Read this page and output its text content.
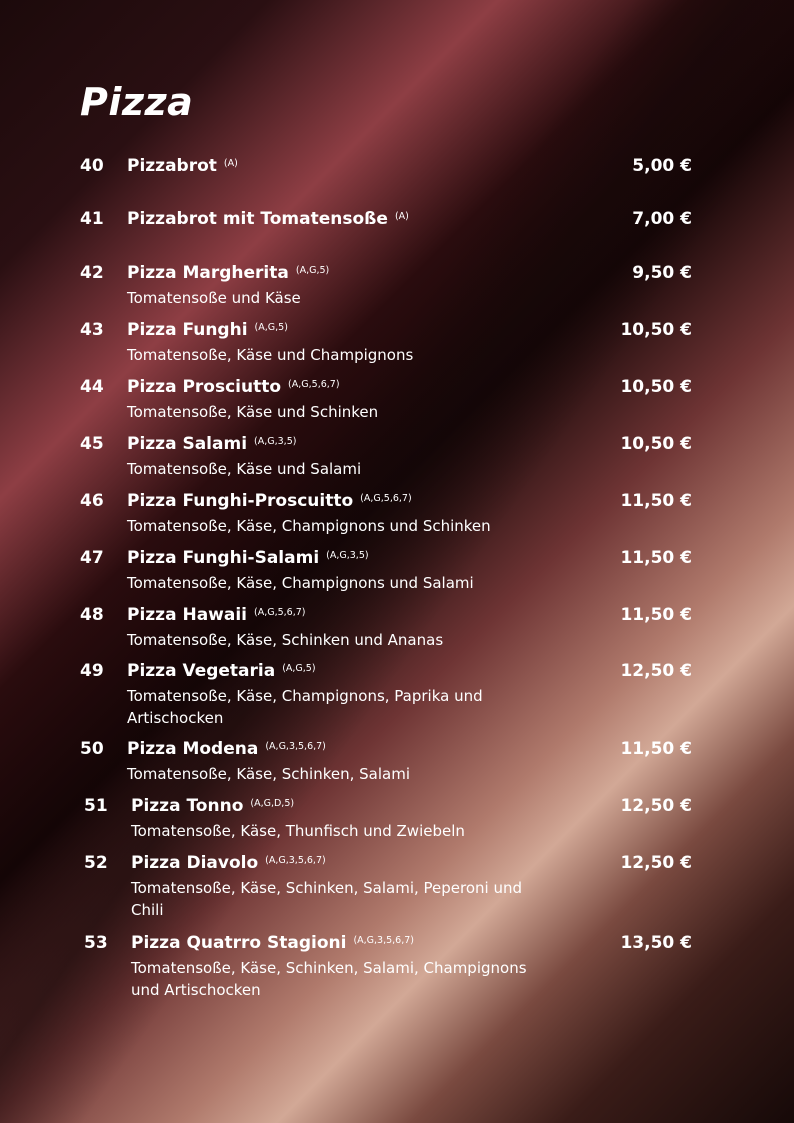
Pizza
40 Pizzabrot $^{(A)}$	5,00 €
41 Pizzabrot mit Tomatensoße $^{(A)}$	7,00 €
42 Pizza Margherita $^{(A,G,5)}$	9,50 €
Tomatensoße und Käse
43 Pizza Funghi $^{(A,G,5)}$	10,50 €
Tomatensoße, Käse und Champignons
44 Pizza Prosciutto $^{(A,G,5,6,7)}$	10,50 €
Tomatensoße, Käse und Schinken
45 Pizza Salami $^{(A,G,3,5)}$	10,50 €
Tomatensoße, Käse und Salami
46 Pizza Funghi-Proscuitto $^{(A,G,5,6,7)}$	11,50 €
Tomatensoße, Käse, Champignons und Schinken
47 Pizza Funghi-Salami $^{(A,G,3,5)}$	11,50 €
Tomatensoße, Käse, Champignons und Salami
48 Pizza Hawaii $^{(A,G,5,6,7)}$	11,50 €
Tomatensoße, Käse, Schinken und Ananas
49 Pizza Vegetaria $^{(A,G,5)}$	12,50 €
Tomatensoße, Käse, Champignons, Paprika und Artischocken
50 Pizza Modena $^{(A,G,3,5,6,7)}$	11,50 €
Tomatensoße, Käse, Schinken, Salami
51 Pizza Tonno $^{(A,G,D,5)}$	12,50 €
Tomatensoße, Käse, Thunfisch und Zwiebeln
52 Pizza Diavolo $^{(A,G,3,5,6,7)}$	12,50 €
Tomatensoße, Käse, Schinken, Salami, Peperoni und Chili
53 Pizza Quatrro Stagioni $^{(A,G,3,5,6,7)}$	13,50 €
Tomatensoße, Käse, Schinken, Salami, Champignons und Artischocken
